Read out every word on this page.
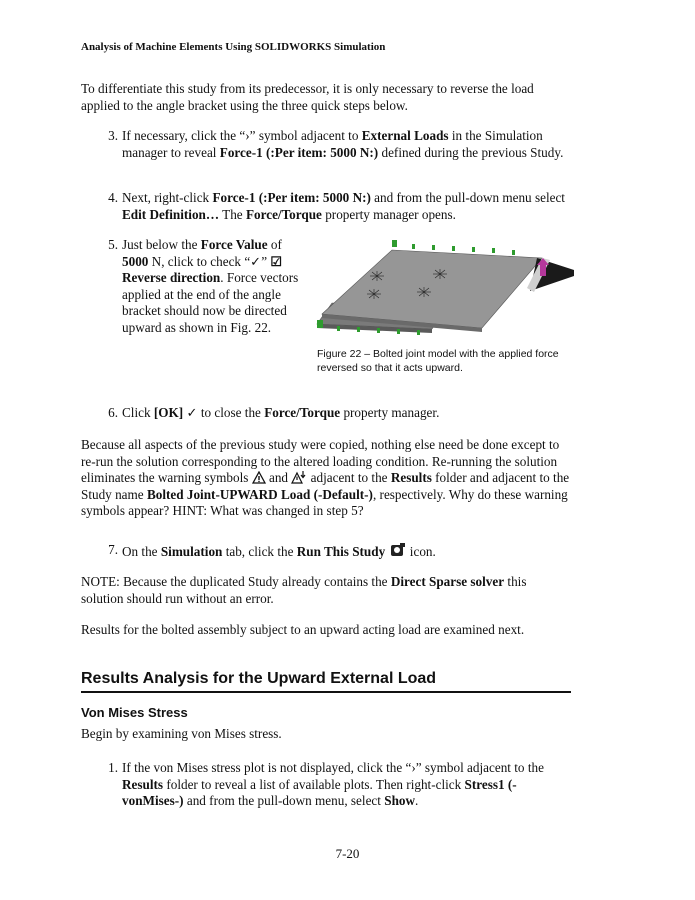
Analysis of Machine Elements Using SOLIDWORKS Simulation
To differentiate this study from its predecessor, it is only necessary to reverse the load applied to the angle bracket using the three quick steps below.
3. If necessary, click the “›” symbol adjacent to External Loads in the Simulation manager to reveal Force-1 (:Per item: 5000 N:) defined during the previous Study.
4. Next, right-click Force-1 (:Per item: 5000 N:) and from the pull-down menu select Edit Definition… The Force/Torque property manager opens.
5. Just below the Force Value of 5000 N, click to check “✓” ☑ Reverse direction. Force vectors applied at the end of the angle bracket should now be directed upward as shown in Fig. 22.
Figure 22 – Bolted joint model with the applied force reversed so that it acts upward.
6. Click [OK] ✓ to close the Force/Torque property manager.
Because all aspects of the previous study were copied, nothing else need be done except to re-run the solution corresponding to the altered loading condition. Re-running the solution eliminates the warning symbols  and  adjacent to the Results folder and adjacent to the Study name Bolted Joint-UPWARD Load (-Default-), respectively. Why do these warning symbols appear? HINT: What was changed in step 5?
7. On the Simulation tab, click the Run This Study  icon.
NOTE: Because the duplicated Study already contains the Direct Sparse solver this solution should run without an error.
Results for the bolted assembly subject to an upward acting load are examined next.
Results Analysis for the Upward External Load
Von Mises Stress
Begin by examining von Mises stress.
1. If the von Mises stress plot is not displayed, click the “›” symbol adjacent to the Results folder to reveal a list of available plots. Then right-click Stress1 (-vonMises-) and from the pull-down menu, select Show.
7-20
